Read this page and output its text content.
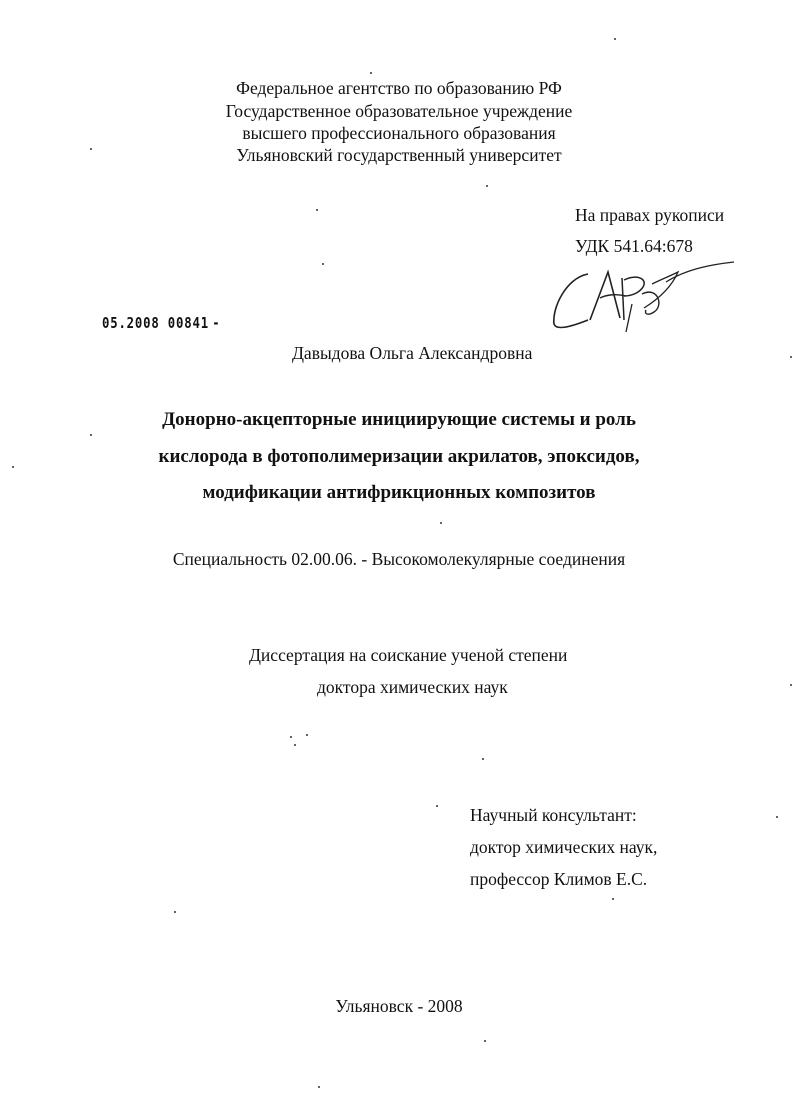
Федеральное агентство по образованию РФ
Государственное образовательное учреждение
высшего профессионального образования
Ульяновский государственный университет
На правах рукописи
УДК 541.64:678
05.2008 00841 -
Давыдова Ольга Александровна
Донорно-акцепторные инициирующие системы и роль
кислорода в фотополимеризации акрилатов, эпоксидов,
модификации антифрикционных композитов
Специальность 02.00.06. - Высокомолекулярные соединения
Диссертация на соискание ученой степени
доктора химических наук
Научный консультант:
доктор химических наук,
профессор Климов Е.С.
Ульяновск - 2008
